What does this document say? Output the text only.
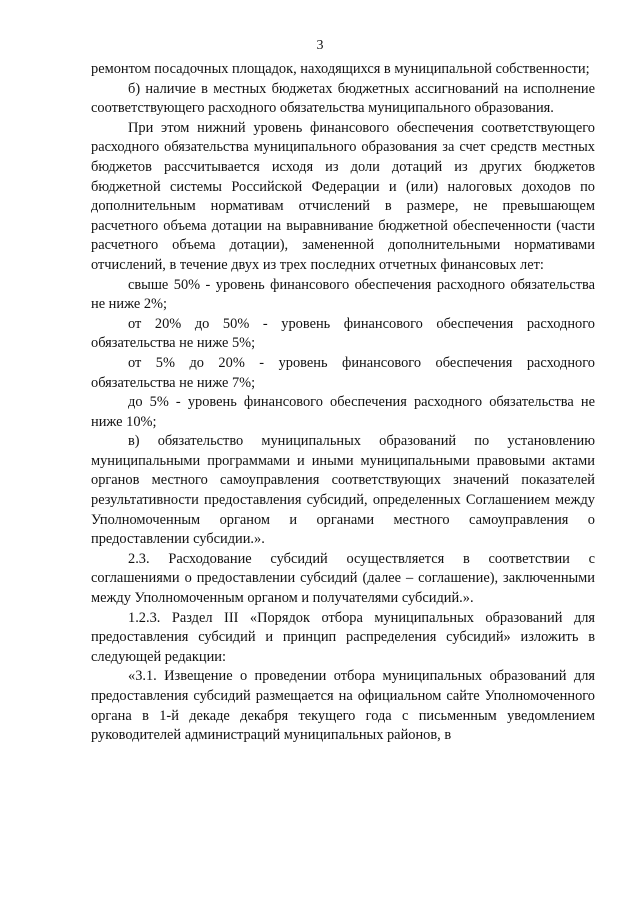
3

ремонтом посадочных площадок, находящихся в муниципальной собственности;

б) наличие в местных бюджетах бюджетных ассигнований на исполнение соответствующего расходного обязательства муниципального образования.

При этом нижний уровень финансового обеспечения соответствующего расходного обязательства муниципального образования за счет средств местных бюджетов рассчитывается исходя из доли дотаций из других бюджетов бюджетной системы Российской Федерации и (или) налоговых доходов по дополнительным нормативам отчислений в размере, не превышающем расчетного объема дотации на выравнивание бюджетной обеспеченности (части расчетного объема дотации), замененной дополнительными нормативами отчислений, в течение двух из трех последних отчетных финансовых лет:

свыше 50% - уровень финансового обеспечения расходного обязательства не ниже 2%;

от 20% до 50% - уровень финансового обеспечения расходного обязательства не ниже 5%;

от 5% до 20% - уровень финансового обеспечения расходного обязательства не ниже 7%;

до 5% - уровень финансового обеспечения расходного обязательства не ниже 10%;

в) обязательство муниципальных образований по установлению муниципальными программами и иными муниципальными правовыми актами органов местного самоуправления соответствующих значений показателей результативности предоставления субсидий, определенных Соглашением между Уполномоченным органом и органами местного самоуправления о предоставлении субсидии.».

2.3. Расходование субсидий осуществляется в соответствии с соглашениями о предоставлении субсидий (далее – соглашение), заключенными между Уполномоченным органом и получателями субсидий.».

1.2.3. Раздел III «Порядок отбора муниципальных образований для предоставления субсидий и принцип распределения субсидий» изложить в следующей редакции:

«3.1. Извещение о проведении отбора муниципальных образований для предоставления субсидий размещается на официальном сайте Уполномоченного органа в 1-й декаде декабря текущего года с письменным уведомлением руководителей администраций муниципальных районов, в
